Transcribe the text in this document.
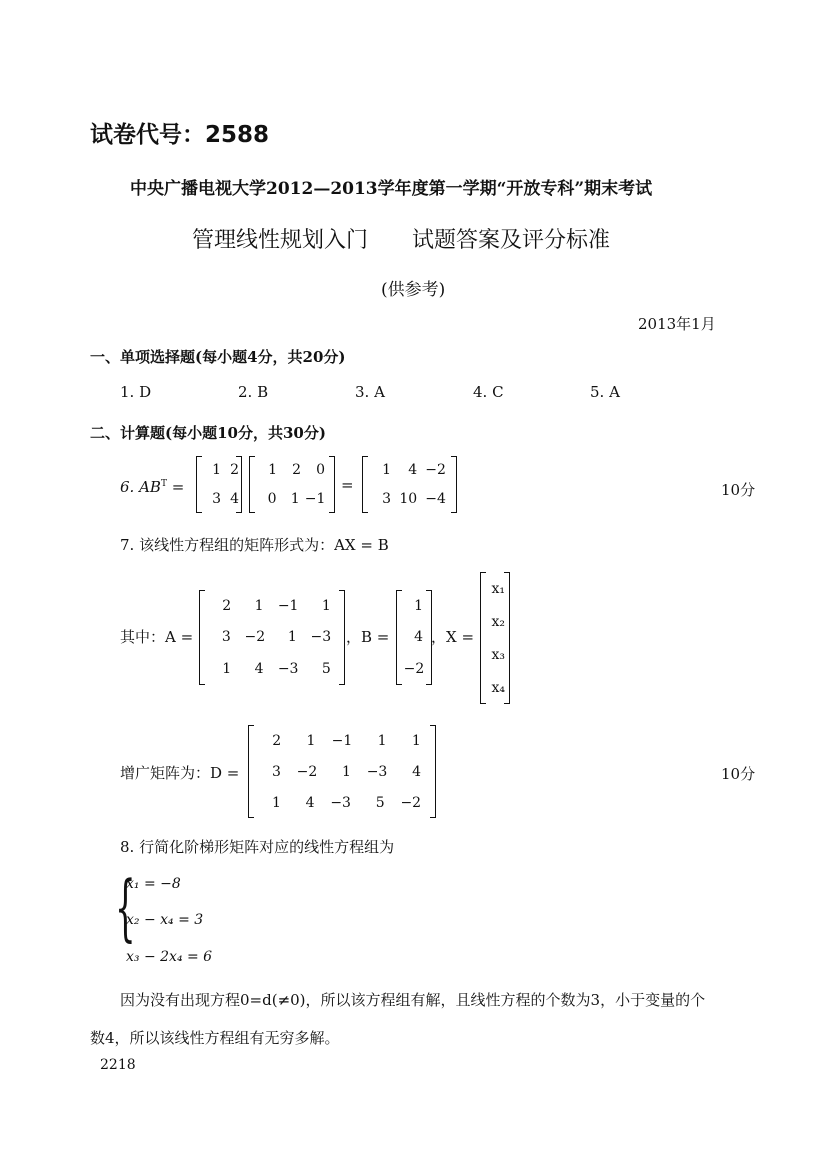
试卷代号：2588
中央广播电视大学2012—2013学年度第一学期“开放专科”期末考试
管理线性规划入门　　试题答案及评分标准
(供参考)
2013年1月
一、单项选择题(每小题4分，共20分)
1. D	2. B	3. A	4. C	5. A
二、计算题(每小题10分，共30分)
6. $AB^T$ =
1 2
3 4
1	2	0
0	1 −1
=
1	4 −2
3 10 −4	10分
7. 该线性方程组的矩阵形式为：AX = B
其中：A =
2	1 −1	1
3 −2	1 −3
1	4 −3	5
，B =
1
4
−2
，X =
x₁
x₂
x₃
x₄
增广矩阵为：D =
2	1 −1	1	1
3 −2	1 −3	4
1	4 −3	5 −2
10分
8. 行简化阶梯形矩阵对应的线性方程组为
{
x₁ = −8
x₂ − x₄ = 3
x₃ − 2x₄ = 6
因为没有出现方程0=d(≠0)，所以该方程组有解，且线性方程的个数为3，小于变量的个
数4，所以该线性方程组有无穷多解。
2218
